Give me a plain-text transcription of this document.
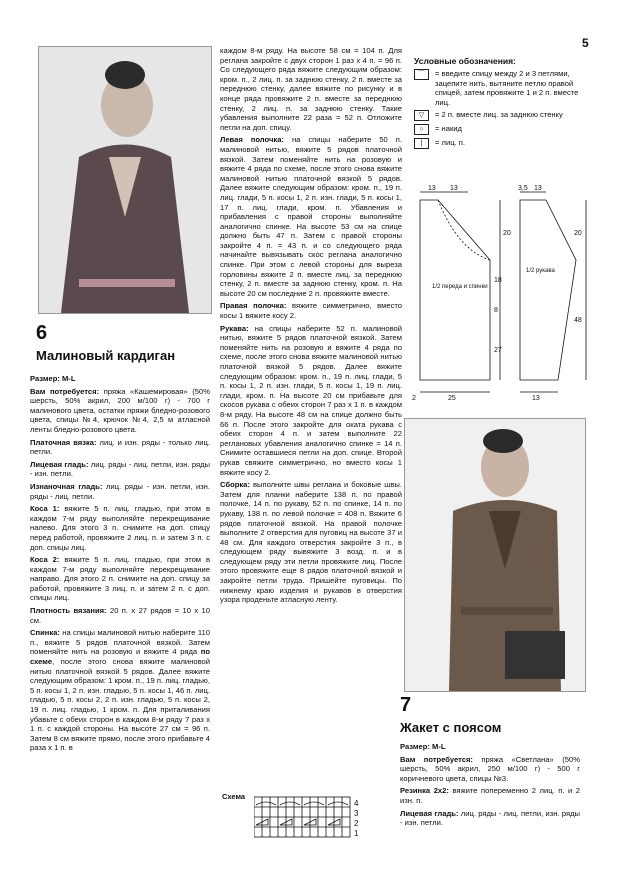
5
6
Малиновый кардиган

Размер: M-L

Вам потребуется: пряжа «Кашемировая» (50% шерсть, 50% акрил, 200 м/100 г) - 700 г малинового цвета, остатки пряжи бледно-розового цвета, спицы №4, крючок №4, 2,5 м атласной ленты бледно-розового цвета.

Платочная вязка: лиц. и изн. ряды - только лиц. петли.

Лицевая гладь: лиц. ряды - лиц. петли, изн. ряды - изн. петли.

Изнаночная гладь: лиц. ряды - изн. петли, изн. ряды - лиц. петли.

Коса 1: вяжите 5 п. лиц. гладью, при этом в каждом 7-м ряду выполняйте перекрещивание налево. Для этого 3 п. снимите на доп. спицу перед работой, провяжите 2 лиц. п. и затем 3 п. с доп. спицы лиц.

Коса 2: вяжите 5 п. лиц. гладью, при этом в каждом 7-м ряду выполняйте перекрещивание направо. Для этого 2 п. снимите на доп. спицу за работой, провяжите 3 лиц. п. и затем 2 п. с доп. спицы лиц.

Плотность вязания: 20 п. х 27 рядов = 10 х 10 см.

Спинка: на спицы малиновой нитью наберите 110 п., вяжите 5 рядов платочной вязкой. Затем поменяйте нить на розовую и вяжите 4 ряда по схеме, после этого снова вяжите малиновой нитью платочной вязкой 5 рядов. Далее вяжите следующим образом: 1 кром. п., 19 п. лиц. гладью, 5 п. косы 1, 2 п. изн. гладью, 5 п. косы 1, 46 п. лиц. гладью, 5 п. косы 2, 2 п. изн. гладью, 5 п. косы 2, 19 п. лиц. гладью, 1 кром. п. Для приталивания убавьте с обеих сторон в каждом 8-м ряду 7 раз х 1 п. с каждой стороны. На высоте 27 см = 96 п. Затем 8 см вяжите прямо, после этого прибавьте 4 раза х 1 п. в

каждом 8-м ряду. На высоте 58 см = 104 п. Для реглана закройте с двух сторон 1 раз х 4 п. = 96 п. Со следующего ряда вяжите следующим образом: кром. п., 2 лиц. п. за заднюю стенку, 2 п. вместе за переднюю стенку, далее вяжите по рисунку и в конце ряда провяжите 2 п. вместе за переднюю стенку, 2 лиц. п. за заднюю стенку. Такие убавления выполните 22 раза = 52 п. Отложите петли на доп. спицу.

Левая полочка: на спицы наберите 50 п. малиновой нитью, вяжите 5 рядов платочной вязкой. Затем поменяйте нить на розовую и вяжите 4 ряда по схеме, после этого снова вяжите малиновой нитью платочной вязкой 5 рядов. Далее вяжите следующим образом: кром. п., 19 п. лиц. глади, 5 п. косы 1, 2 п. изн. глади, 5 п. косы 1, 17 п. лиц. глади, кром. п. Убавления и прибавления с правой стороны выполняйте аналогично спинке. На высоте 53 см на спице должно быть 47 п. Затем с правой стороны закройте 4 п. = 43 п. и со следующего ряда начинайте вывязывать скос реглана аналогично спинке. При этом с левой стороны для выреза горловины вяжите 2 п. вместе лиц. за переднюю стенку, 2 п. вместе за заднюю стенку, кром. п. На высоте 20 см последние 2 п. провяжите вместе.

Правая полочка: вяжите симметрично, вместо косы 1 вяжите косу 2.

Рукава: на спицы наберите 52 п. малиновой нитью, вяжите 5 рядов платочной вязкой. Затем поменяйте нить на розовую и вяжите 4 ряда по схеме, после этого снова вяжите малиновой нитью платочной вязкой 5 рядов. Далее вяжите следующим образом: кром. п., 19 п. лиц. глади, 5 п. косы 1, 2 п. изн. глади, 5 п. косы 1, 19 п. лиц. глади, кром. п. На высоте 20 см прибавьте для скосов рукава с обеих сторон 7 раз х 1 п. в каждом 8-м ряду. На высоте 48 см на спице должно быть 66 п. После этого закройте для оката рукава с обеих сторон 4 п. и затем выполните 22 реглановых убавления аналогично спинке = 14 п. Снимите оставшиеся петли на доп. спице. Второй рукав свяжите симметрично, но вместо косы 1 вяжите косу 2.

Сборка: выполните швы реглана и боковые швы. Затем для планки наберите 138 п. по правой полочке, 14 п. по рукаву, 52 п. по спинке, 14 п. по рукаву, 138 п. по левой полочке = 408 п. Вяжите 6 рядов платочной вязкой. На правой полочке выполните 2 отверстия для пуговиц на высоте 37 и 48 см. Для каждого отверстия закройте 3 п., в следующем ряду вывяжите 3 возд. п. и в следующем ряду эти петли провяжите лиц. После этого провяжите еще 8 рядов платочной вязкой и закройте петли труда. Пришейте пуговицы. По нижнему краю изделия и рукавов в отверстия узора проденьте атласную ленту.

Схема
4
3
2
1
Условные обозначения:
⌒	= введите спицу между 2 и 3 петлями, зацепите нить, вытяните петлю правой спицей, затем провяжите 1 и 2 п. вместе лиц.
▽	= 2 п. вместе лиц. за заднюю стенку
○	= накид
|	= лиц. п.
13 13
20
18
8
27
25
2
1/2 переда и спинки
3,5 13
20
48
13
1/2 рукава
7
Жакет с поясом

Размер: M-L

Вам потребуется: пряжа «Светлана» (50% шерсть, 50% акрил, 250 м/100 г) - 500 г коричневого цвета, спицы №3.

Резинка 2х2: вяжите попеременно 2 лиц. п. и 2 изн. п.

Лицевая гладь: лиц. ряды - лиц. петли, изн. ряды - изн. петли.
